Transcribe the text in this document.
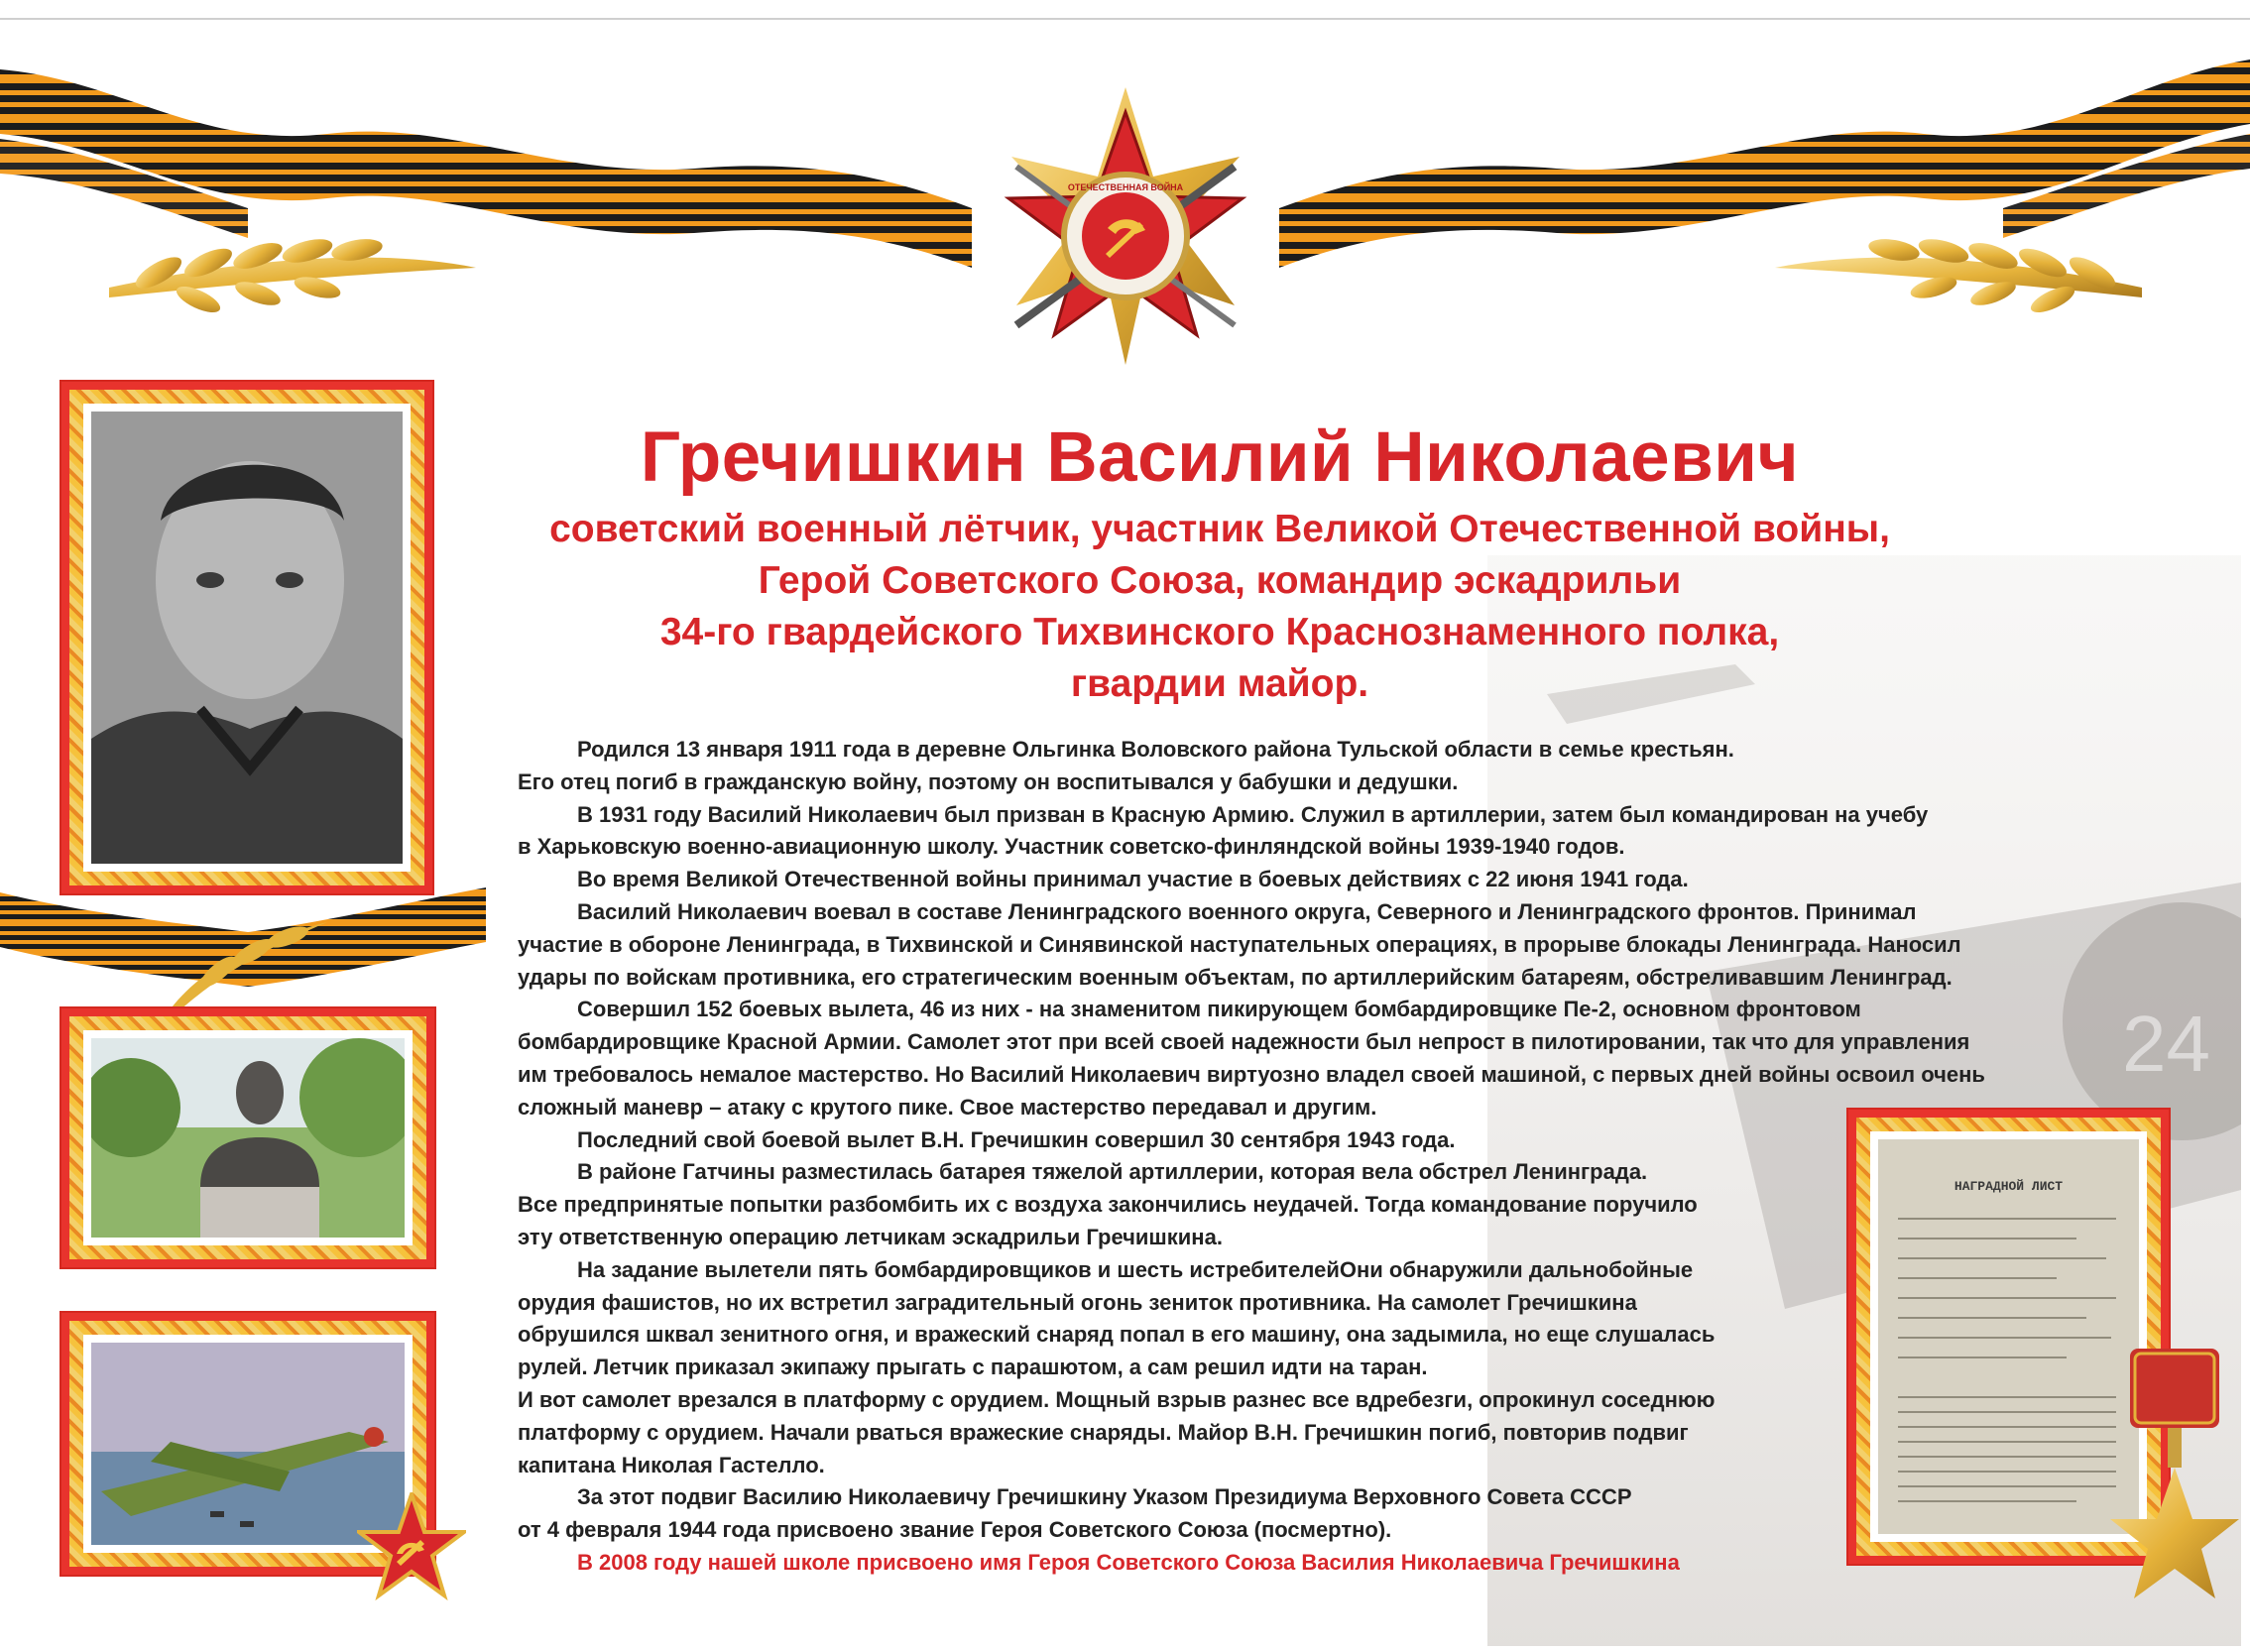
24
ОТЕЧЕСТВЕННАЯ ВОЙНА
НАГРАДНОЙ ЛИСТ
Гречишкин Василий Николаевич
советский военный лётчик, участник Великой Отечественной войны,
Герой Советского Союза, командир эскадрильи
34-го гвардейского Тихвинского Краснознаменного полка,
гвардии майор.

Родился 13 января 1911 года в деревне Ольгинка Воловского района Тульской области в семье крестьян.

Его отец погиб в гражданскую войну, поэтому он воспитывался у бабушки и дедушки.

В 1931 году Василий Николаевич был призван в Красную Армию. Служил в артиллерии, затем был командирован на учебу

в Харьковскую военно-авиационную школу. Участник советско-финляндской войны 1939-1940 годов.

Во время Великой Отечественной войны принимал участие в боевых действиях с 22 июня 1941 года.

Василий Николаевич воевал в составе Ленинградского военного округа, Северного и Ленинградского фронтов. Принимал

участие в обороне Ленинграда, в Тихвинской и Синявинской наступательных операциях, в прорыве блокады Ленинграда. Наносил

удары по войскам противника, его стратегическим военным объектам, по артиллерийским батареям, обстреливавшим Ленинград.

Совершил 152 боевых вылета, 46 из них - на знаменитом пикирующем бомбардировщике Пе-2, основном фронтовом

бомбардировщике Красной Армии. Самолет этот при всей своей надежности был непрост в пилотировании, так что для управления

им требовалось немалое мастерство. Но Василий Николаевич виртуозно владел своей машиной, с первых дней войны освоил очень

сложный маневр – атаку с крутого пике. Свое мастерство передавал и другим.

Последний свой боевой вылет В.Н. Гречишкин совершил 30 сентября 1943 года.

В районе Гатчины разместилась батарея тяжелой артиллерии, которая вела обстрел Ленинграда.

Все предпринятые попытки разбомбить их с воздуха закончились неудачей. Тогда командование поручило

эту ответственную операцию летчикам эскадрильи Гречишкина.

На задание вылетели пять бомбардировщиков и шесть истребителейОни обнаружили дальнобойные

орудия фашистов, но их встретил заградительный огонь зениток противника. На самолет Гречишкина

обрушился шквал зенитного огня, и вражеский снаряд попал в его машину, она задымила, но еще слушалась

рулей. Летчик приказал экипажу прыгать с парашютом, а сам решил идти на таран.

И вот самолет врезался в платформу с орудием. Мощный взрыв разнес все вдребезги, опрокинул соседнюю

платформу с орудием. Начали рваться вражеские снаряды. Майор В.Н. Гречишкин погиб, повторив подвиг

капитана Николая Гастелло.

За этот подвиг Василию Николаевичу Гречишкину Указом Президиума Верховного Совета СССР

от 4 февраля 1944 года присвоено звание Героя Советского Союза (посмертно).

В 2008 году нашей школе присвоено имя Героя Советского Союза Василия Николаевича Гречишкина
